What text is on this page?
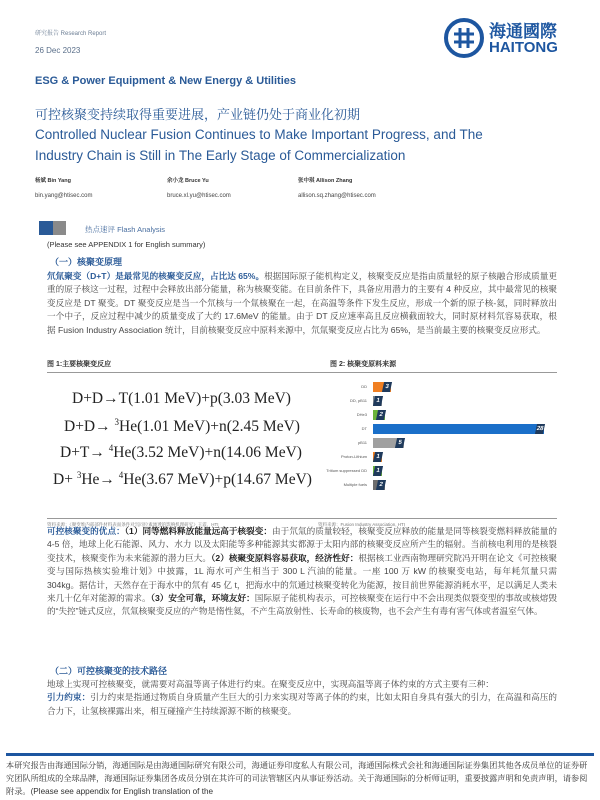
研究报告 Research Report
26 Dec 2023
海通國際
HAITONG
ESG & Power Equipment & New Energy & Utilities
可控核聚变持续取得重要进展，产业链仍处于商业化初期
Controlled Nuclear Fusion Continues to Make Important Progress, and The
Industry Chain is Still in The Early Stage of Commercialization
杨斌 Bin Yang
bin.yang@htisec.com
余小龙 Bruce Yu
bruce.xl.yu@htisec.com
张中琪 Allison Zhang
allison.sq.zhang@htisec.com
热点速评 Flash Analysis
(Please see APPENDIX 1 for English summary)
（一）核聚变原理
氘氚聚变（D+T）是最常见的核聚变反应，占比达 65%。根据国际原子能机构定义，核聚变反应是指由质量轻的原子核融合形成质量更重的原子核这一过程，过程中会释放出部分能量，称为核聚变能。在目前条件下，具备应用潜力的主要有 4 种反应，其中最常见的核聚变反应是 DT 聚变。DT 聚变反应是当一个氘核与一个氚核聚在一起，在高温等条件下发生反应，形成一个新的原子核-氦，同时释放出一个中子，反应过程中减少的质量变成了大约 17.6MeV 的能量。由于 DT 反应速率高且反应横截面较大，同时原材料氘容易获取，根据 Fusion Industry Association 统计，目前核聚变反应中原料来源中，氘氚聚变反应占比为 65%，是当前最主要的核聚变反应形式。
图 1:主要核聚变反应	图 2: 核聚变原料来源
D+D→T(1.01 MeV)+p(3.03 MeV)
D+D→ $^3$He(1.01 MeV)+n(2.45 MeV)
D+T→ $^4$He(3.52 MeV)+n(14.06 MeV)
D+ $^3$He→ $^4$He(3.67 MeV)+p(14.67 MeV)
DD	3
DD, pB11	1
DHe3	2
DT	28
pB11	5
Proton-Lithium	1
Tritium suppressed DD	1
Multiple fuels	2
资料来源：《聚变堆内部部件材料表面条件对氘同位素渗透的影响机理研究》王震，HTI	资料来源：Fusion Industry Association, HTI
可控核聚变的优点：（1）同等燃料释放能量远高于核裂变：由于氘氚的质量较轻，核聚变反应释放的能量是同等核裂变燃料释放能量的 4-5 倍，地球上化石能源、风力、水力 以及太阳能等多种能源其实都源于太阳内部的核聚变反应所产生的辐射。当前核电利用的是核裂变技术，核聚变作为未来能源的潜力巨大。（2）核聚变原料容易获取，经济性好：根据核工业西南物理研究院冯开明在论文《可控核聚变与国际热核实验堆计划》中披露，1L 海水可产生相当于 300 L 汽油的能量。一座 100 万 kW 的核聚变电站，每年耗氘量只需 304kg。据估计，天然存在于海水中的氘有 45 亿 t，把海水中的氘通过核聚变转化为能源，按目前世界能源消耗水平，足以满足人类未来几十亿年对能源的需求。（3）安全可靠，环境友好：国际原子能机构表示，可控核聚变在运行中不会出现类似裂变型的事故或核熔毁的“失控”链式反应，氘氚核聚变反应的产物是惰性氦，不产生高放射性、长寿命的核废物，也不会产生有毒有害气体或者温室气体。
（二）可控核聚变的技术路径
地球上实现可控核聚变，就需要对高温等离子体进行约束。在聚变反应中，实现高温等离子体约束的方式主要有三种：
引力约束：引力约束是指通过物质自身质量产生巨大的引力来实现对等离子体的约束，比如太阳自身具有强大的引力，在高温和高压的合力下，让氢核裸露出来，相互碰撞产生持续源源不断的核聚变。
本研究报告由海通国际分销，海通国际是由海通国际研究有限公司，海通证券印度私人有限公司，海通国际株式会社和海通国际证券集团其他各成员单位的证券研究团队所组成的全球品牌，海通国际证券集团各成员分别在其许可的司法管辖区内从事证券活动。关于海通国际的分析师证明，重要披露声明和免责声明，请参阅附录。(Please see appendix for English translation of the
